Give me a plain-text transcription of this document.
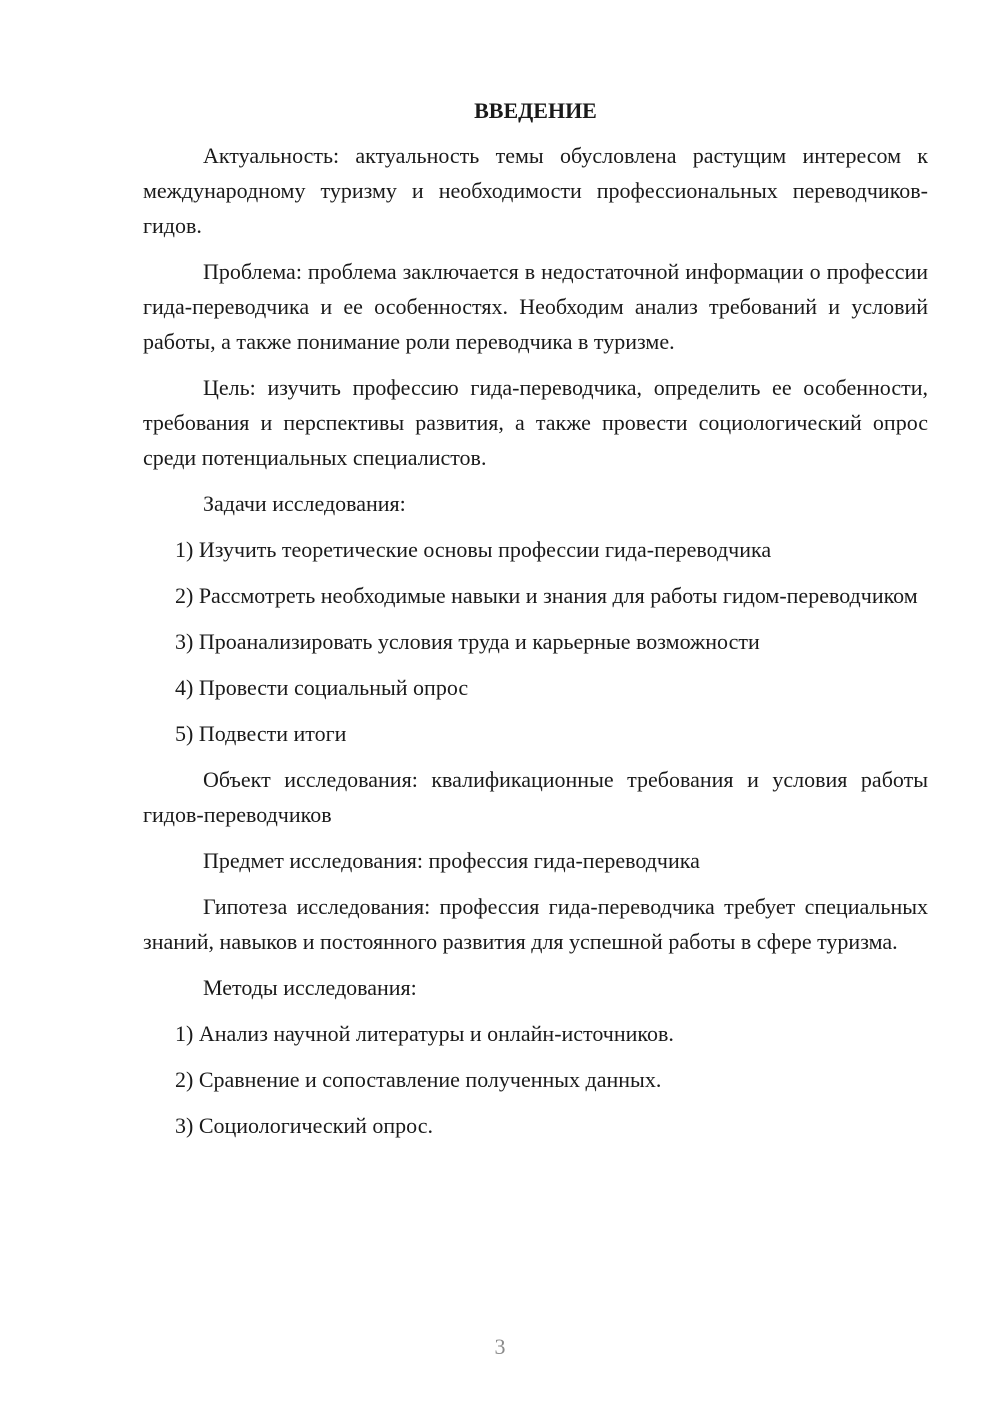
ВВЕДЕНИЕ

Актуальность: актуальность темы обусловлена растущим интересом к международному туризму и необходимости профессиональных переводчиков-гидов.

Проблема: проблема заключается в недостаточной информации о профессии гида-переводчика и ее особенностях. Необходим анализ требований и условий работы, а также понимание роли переводчика в туризме.

Цель: изучить профессию гида-переводчика, определить ее особенности, требования и перспективы развития, а также провести социологический опрос среди потенциальных специалистов.

Задачи исследования:

1) Изучить теоретические основы профессии гида-переводчика

2) Рассмотреть необходимые навыки и знания для работы гидом-переводчиком

3) Проанализировать условия труда и карьерные возможности

4) Провести социальный опрос

5) Подвести итоги

Объект исследования: квалификационные требования и условия работы гидов-переводчиков

Предмет исследования: профессия гида-переводчика

Гипотеза исследования: профессия гида-переводчика требует специальных знаний, навыков и постоянного развития для успешной работы в сфере туризма.

Методы исследования:

1) Анализ научной литературы и онлайн-источников.

2) Сравнение и сопоставление полученных данных.

3) Социологический опрос.

3
